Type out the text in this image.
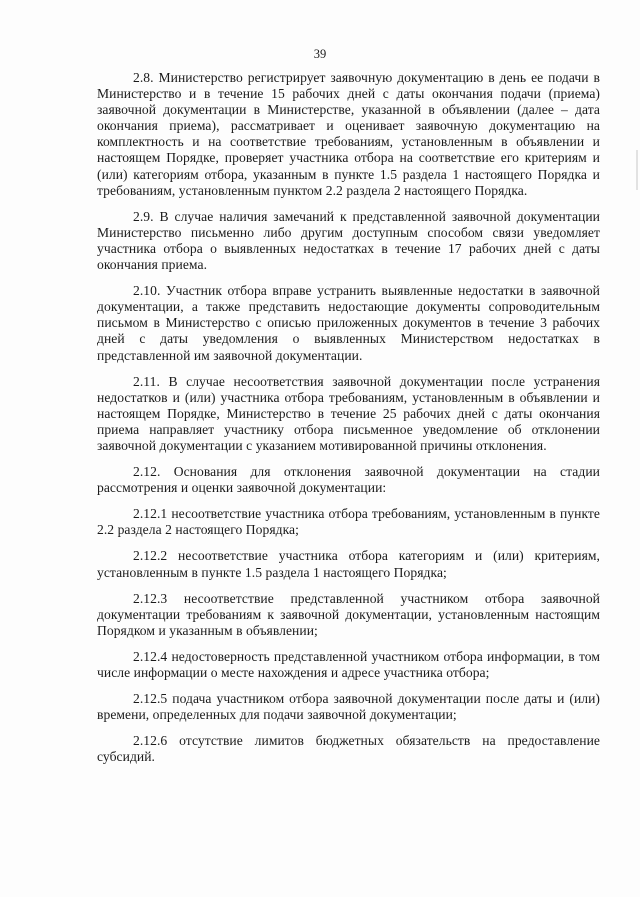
39

2.8. Министерство регистрирует заявочную документацию в день ее подачи в Министерство и в течение 15 рабочих дней с даты окончания подачи (приема) заявочной документации в Министерстве, указанной в объявлении (далее – дата окончания приема), рассматривает и оценивает заявочную документацию на комплектность и на соответствие требованиям, установленным в объявлении и настоящем Порядке, проверяет участника отбора на соответствие его критериям и (или) категориям отбора, указанным в пункте 1.5 раздела 1 настоящего Порядка и требованиям, установленным пунктом 2.2 раздела 2 настоящего Порядка.

2.9. В случае наличия замечаний к представленной заявочной документации Министерство письменно либо другим доступным способом связи уведомляет участника отбора о выявленных недостатках в течение 17 рабочих дней с даты окончания приема.

2.10. Участник отбора вправе устранить выявленные недостатки в заявочной документации, а также представить недостающие документы сопроводительным письмом в Министерство с описью приложенных документов в течение 3 рабочих дней с даты уведомления о выявленных Министерством недостатках в представленной им заявочной документации.

2.11. В случае несоответствия заявочной документации после устранения недостатков и (или) участника отбора требованиям, установленным в объявлении и настоящем Порядке, Министерство в течение 25 рабочих дней с даты окончания приема направляет участнику отбора письменное уведомление об отклонении заявочной документации с указанием мотивированной причины отклонения.

2.12. Основания для отклонения заявочной документации на стадии рассмотрения и оценки заявочной документации:

2.12.1 несоответствие участника отбора требованиям, установленным в пункте 2.2 раздела 2 настоящего Порядка;

2.12.2 несоответствие участника отбора категориям и (или) критериям, установленным в пункте 1.5 раздела 1 настоящего Порядка;

2.12.3 несоответствие представленной участником отбора заявочной документации требованиям к заявочной документации, установленным настоящим Порядком и указанным в объявлении;

2.12.4 недостоверность представленной участником отбора информации, в том числе информации о месте нахождения и адресе участника отбора;

2.12.5 подача участником отбора заявочной документации после даты и (или) времени, определенных для подачи заявочной документации;

2.12.6 отсутствие лимитов бюджетных обязательств на предоставление субсидий.
